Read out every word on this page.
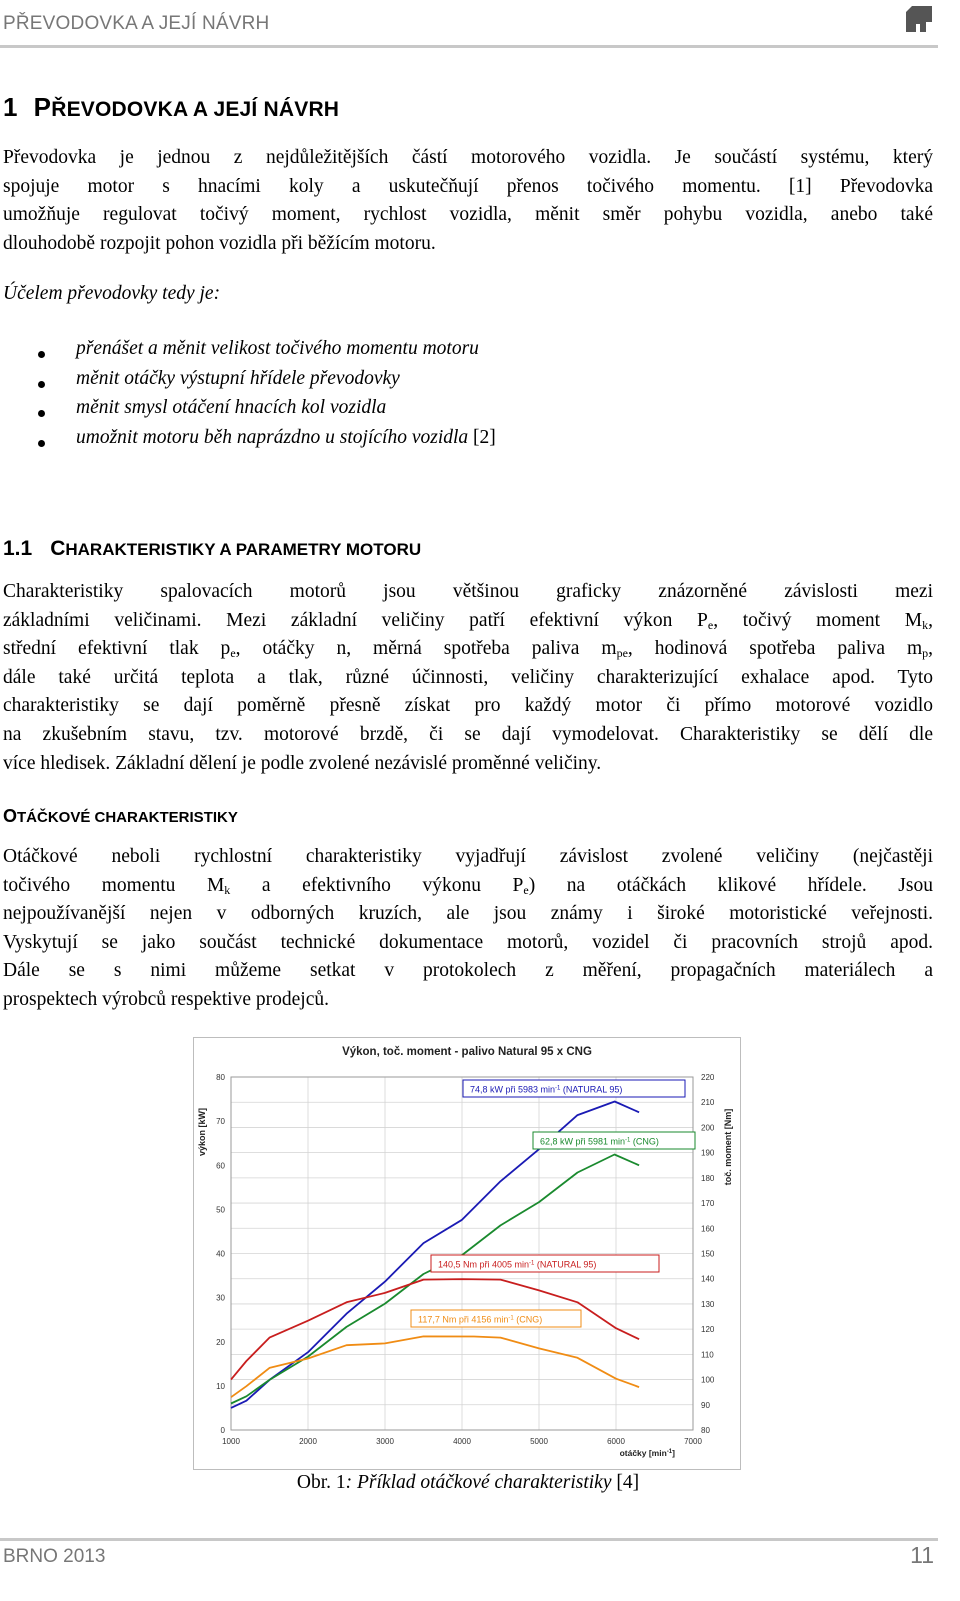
PŘEVODOVKA A JEJÍ NÁVRH
1 PŘEVODOVKA A JEJÍ NÁVRH
Převodovka je jednou z nejdůležitějších částí motorového vozidla. Je součástí systému, který
spojuje motor s hnacími koly a uskutečňují přenos točivého momentu. [1] Převodovka
umožňuje regulovat točivý moment, rychlost vozidla, měnit směr pohybu vozidla, anebo také
dlouhodobě rozpojit pohon vozidla při běžícím motoru.
Účelem převodovky tedy je:
přenášet a měnit velikost točivého momentu motoru
měnit otáčky výstupní hřídele převodovky
měnit smysl otáčení hnacích kol vozidla
umožnit motoru běh naprázdno u stojícího vozidla [2]
1.1 CHARAKTERISTIKY A PARAMETRY MOTORU
Charakteristiky spalovacích motorů jsou většinou graficky znázorněné závislosti mezi
základními veličinami. Mezi základní veličiny patří efektivní výkon $P_e$, točivý moment $M_k$,
střední efektivní tlak $p_e$, otáčky n, měrná spotřeba paliva $m_{pe}$, hodinová spotřeba paliva $m_p$,
dále také určitá teplota a tlak, různé účinnosti, veličiny charakterizující exhalace apod. Tyto
charakteristiky se dají poměrně přesně získat pro každý motor či přímo motorové vozidlo
na zkušebním stavu, tzv. motorové brzdě, či se dají vymodelovat. Charakteristiky se dělí dle
více hledisek. Základní dělení je podle zvolené nezávislé proměnné veličiny.
OTÁČKOVÉ CHARAKTERISTIKY
Otáčkové neboli rychlostní charakteristiky vyjadřují závislost zvolené veličiny (nejčastěji
točivého momentu $M_k$ a efektivního výkonu $P_e$) na otáčkách klikové hřídele. Jsou
nejpoužívanější nejen v odborných kruzích, ale jsou známy i široké motoristické veřejnosti.
Vyskytují se jako součást technické dokumentace motorů, vozidel či pracovních strojů apod.
Dále se s nimi můžeme setkat v protokolech z měření, propagačních materiálech a
prospektech výrobců respektive prodejců.
Výkon, toč. moment - palivo Natural 95 x CNG
80
90
100
110
120
130
140
150
160
170
180
190
200
210
220
1000	2000	3000	4000	5000	6000	7000
0
10
20
30
40
50
60
70
80
výkon [kW]	toč. moment [Nm]
otáčky $[\min^{-1}]$
74,8 kW při 5983 $\min^{-1}$ (NATURAL 95)
62,8 kW při 5981 $\min^{-1} (CNG)$
140,5 Nm při 4005 $\min^{-1}$ (NATURAL 95)
117,7 Nm při 4156 $\min^{-1} (CNG)$
Obr. 1: Příklad otáčkové charakteristiky [4]
BRNO 2013	11
